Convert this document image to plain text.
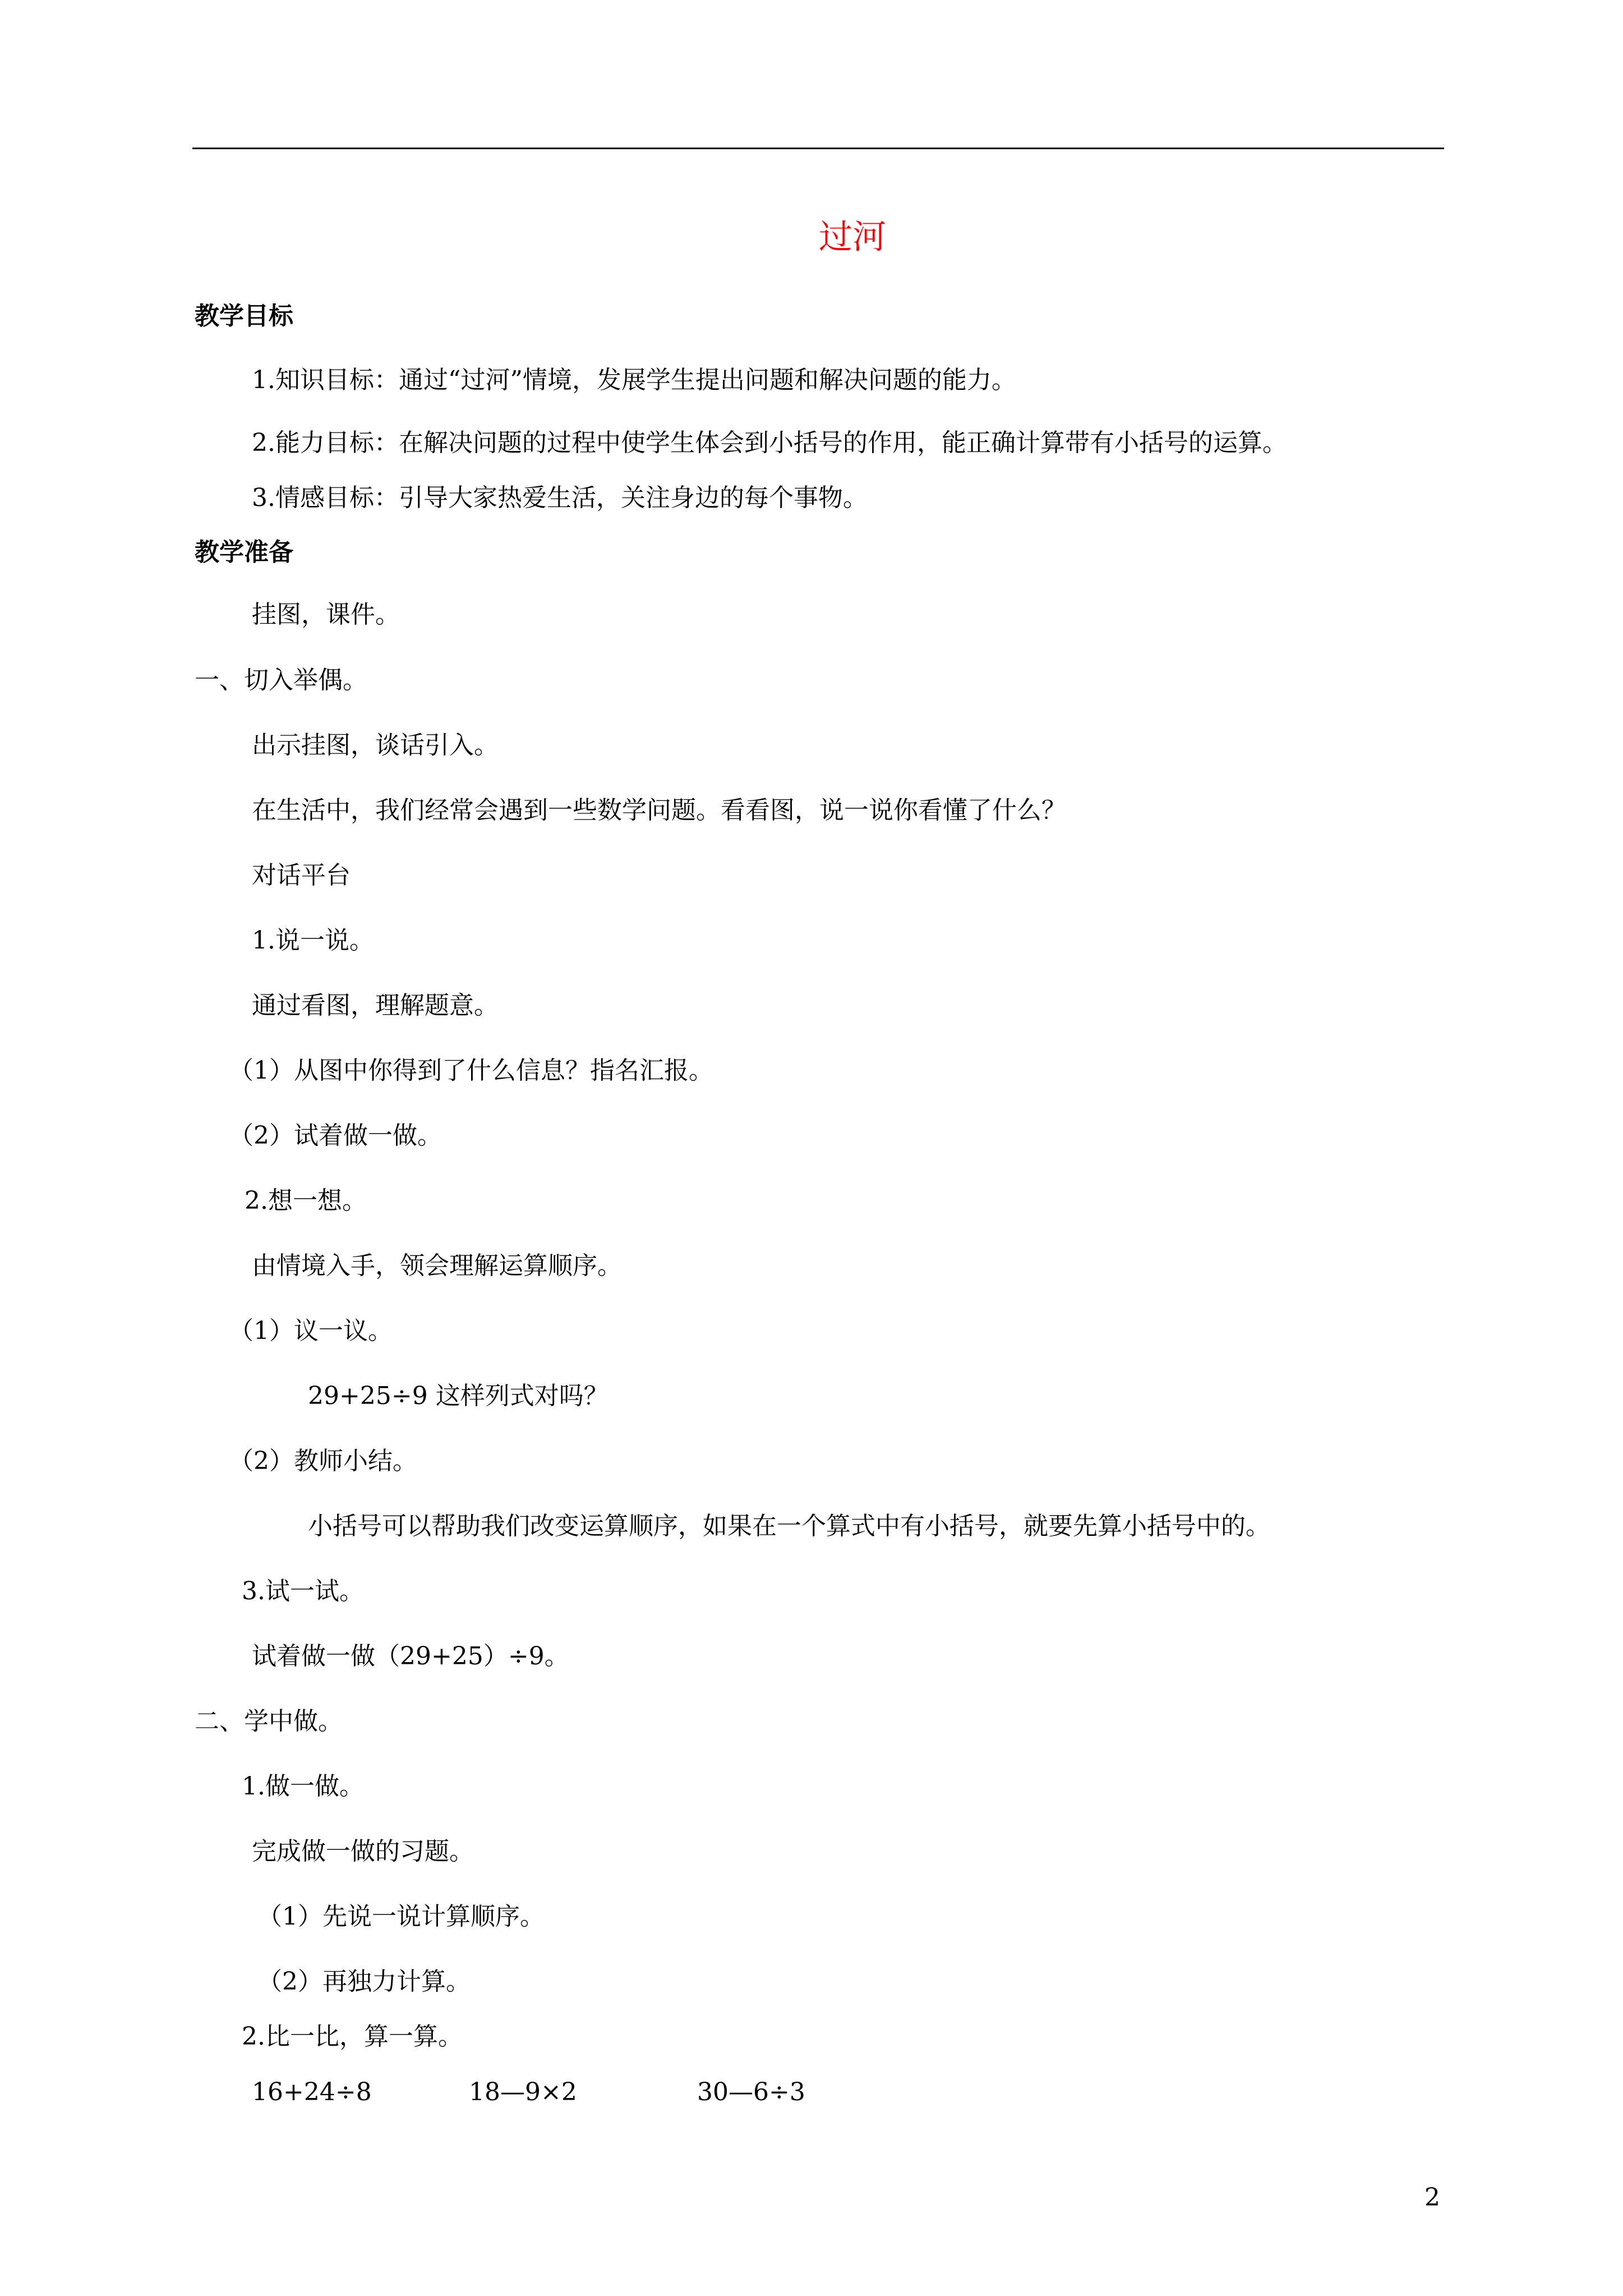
过河
教学目标
1.知识目标：通过“过河”情境，发展学生提出问题和解决问题的能力。
2.能力目标：在解决问题的过程中使学生体会到小括号的作用，能正确计算带有小括号的运算。
3.情感目标：引导大家热爱生活，关注身边的每个事物。
教学准备
挂图，课件。
一、切入举偶。
出示挂图，谈话引入。
在生活中，我们经常会遇到一些数学问题。看看图，说一说你看懂了什么？
对话平台
1.说一说。
通过看图，理解题意。
（1）从图中你得到了什么信息？指名汇报。
（2）试着做一做。
2.想一想。
由情境入手，领会理解运算顺序。
（1）议一议。
29+25÷9 这样列式对吗？
（2）教师小结。
小括号可以帮助我们改变运算顺序，如果在一个算式中有小括号，就要先算小括号中的。
3.试一试。
试着做一做（29+25）÷9。
二、学中做。
1.做一做。
完成做一做的习题。
（1）先说一说计算顺序。
（2）再独力计算。
2.比一比，算一算。
16+24÷8	18—9×2	30—6÷3
2
